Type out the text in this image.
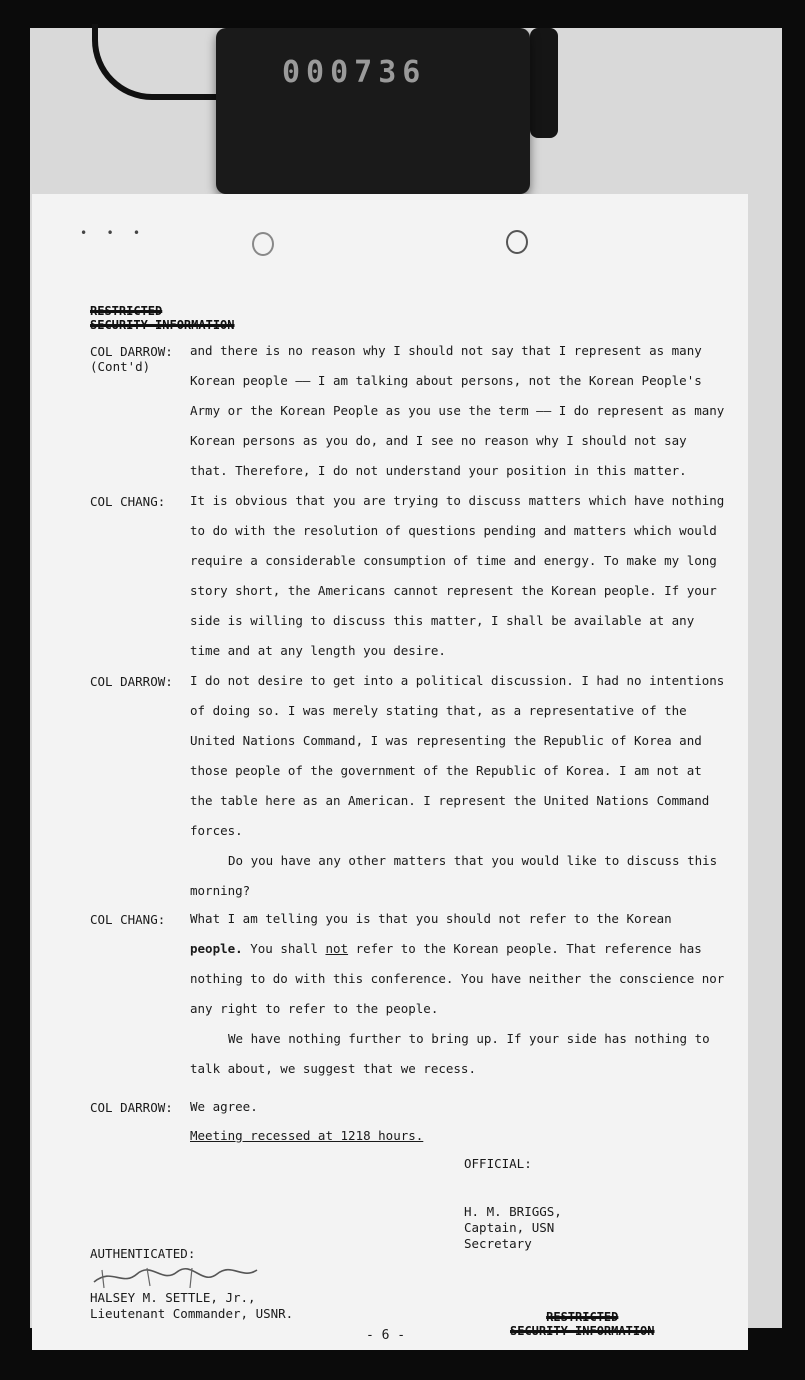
000736
• • •
RESTRICTED
SECURITY INFORMATION
COL DARROW:
(Cont'd)
and there is no reason why I should not say that I represent as many Korean people —— I am talking about persons, not the Korean People's Army or the Korean People as you use the term —— I do represent as many Korean persons as you do, and I see no reason why I should not say that. Therefore, I do not understand your position in this matter.
COL CHANG:	It is obvious that you are trying to discuss matters which have nothing to do with the resolution of questions pending and matters which would require a considerable consumption of time and energy. To make my long story short, the Americans cannot represent the Korean people. If your side is willing to discuss this matter, I shall be available at any time and at any length you desire.
COL DARROW:	I do not desire to get into a political discussion. I had no intentions of doing so. I was merely stating that, as a representative of the United Nations Command, I was representing the Republic of Korea and those people of the government of the Republic of Korea. I am not at the table here as an American. I represent the United Nations Command forces.
Do you have any other matters that you would like to discuss this morning?
COL CHANG:	What I am telling you is that you should not refer to the Korean people. You shall not refer to the Korean people. That reference has nothing to do with this conference. You have neither the conscience nor any right to refer to the people.
We have nothing further to bring up. If your side has nothing to talk about, we suggest that we recess.
COL DARROW:	We agree.
Meeting recessed at 1218 hours.
OFFICIAL:
H. M. BRIGGS,
Captain, USN
Secretary
AUTHENTICATED:
HALSEY M. SETTLE, Jr.,
Lieutenant Commander, USNR.
- 6 -
RESTRICTED
SECURITY INFORMATION
